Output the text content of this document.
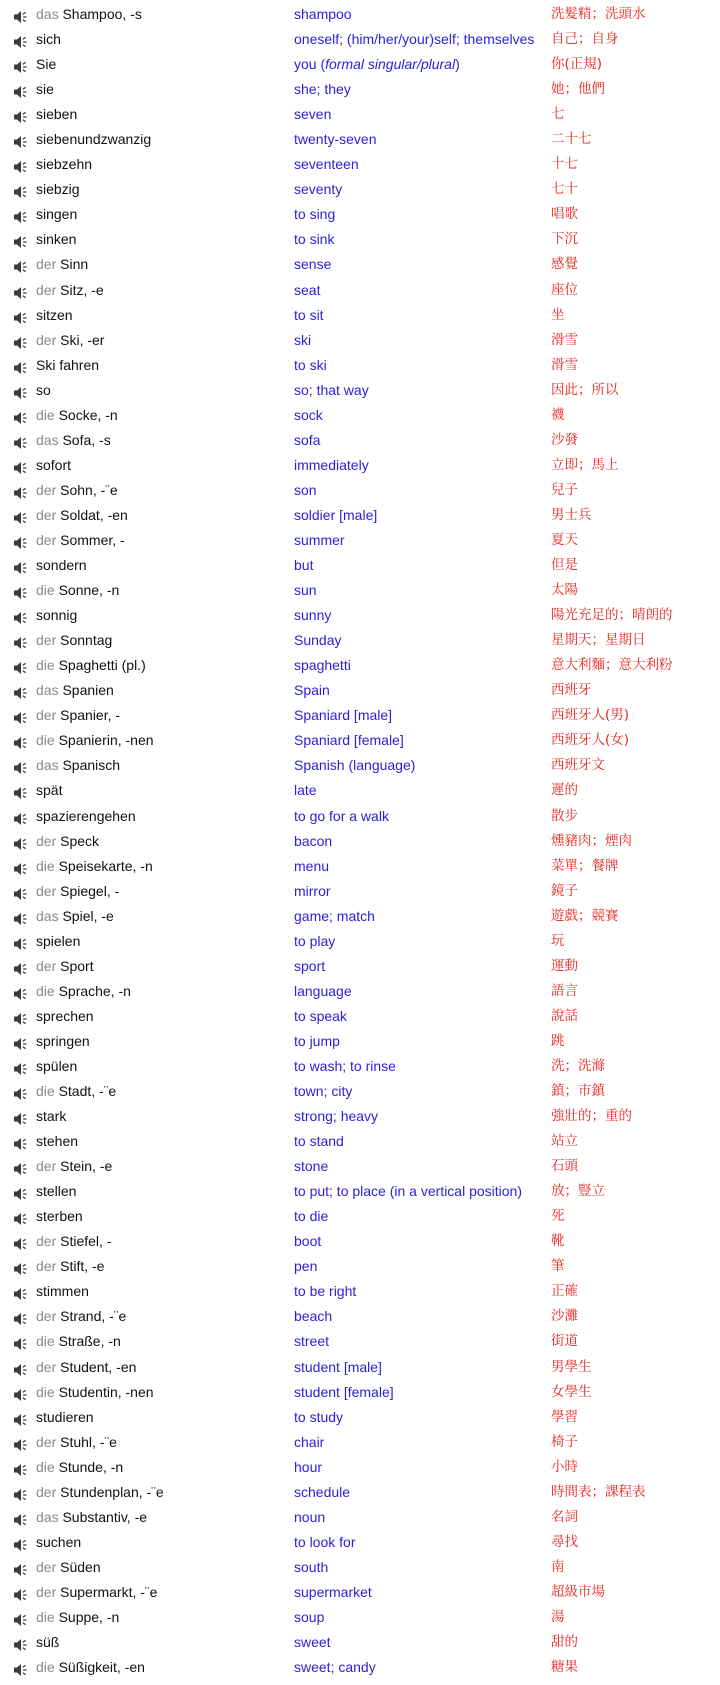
das Shampoo, -s	shampoo	洗髮精；洗頭水
sich	oneself; (him/her/your)self; themselves 自己；自身
Sie	you (formal singular/plural)	你(正規)
sie	she; they	她；他們
sieben	seven	七
siebenundzwanzig	twenty-seven	二十七
siebzehn	seventeen	十七
siebzig	seventy	七十
singen	to sing	唱歌
sinken	to sink	下沉
der Sinn	sense	感覺
der Sitz, -e	seat	座位
sitzen	to sit	坐
der Ski, -er	ski	滑雪
Ski fahren	to ski	滑雪
so	so; that way	因此；所以
die Socke, -n	sock	襪
das Sofa, -s	sofa	沙發
sofort	immediately	立即；馬上
der Sohn, -¨e	son	兒子
der Soldat, -en	soldier [male]	男士兵
der Sommer, -	summer	夏天
sondern	but	但是
die Sonne, -n	sun	太陽
sonnig	sunny	陽光充足的；晴朗的
der Sonntag	Sunday	星期天；星期日
die Spaghetti (pl.)	spaghetti	意大利麵；意大利粉
das Spanien	Spain	西班牙
der Spanier, -	Spaniard [male]	西班牙人(男)
die Spanierin, -nen	Spaniard [female]	西班牙人(女)
das Spanisch	Spanish (language)	西班牙文
spät	late	遲的
spazierengehen	to go for a walk	散步
der Speck	bacon	燻豬肉；煙肉
die Speisekarte, -n	menu	菜單；餐牌
der Spiegel, -	mirror	鏡子
das Spiel, -e	game; match	遊戲；競賽
spielen	to play	玩
der Sport	sport	運動
die Sprache, -n	language	語言
sprechen	to speak	說話
springen	to jump	跳
spülen	to wash; to rinse	洗；洗滌
die Stadt, -¨e	town; city	鎮；市鎮
stark	strong; heavy	強壯的；重的
stehen	to stand	站立
der Stein, -e	stone	石頭
stellen	to put; to place (in a vertical position) 放；豎立
sterben	to die	死
der Stiefel, -	boot	靴
der Stift, -e	pen	筆
stimmen	to be right	正確
der Strand, -¨e	beach	沙灘
die Straße, -n	street	街道
der Student, -en	student [male]	男學生
die Studentin, -nen	student [female]	女學生
studieren	to study	學習
der Stuhl, -¨e	chair	椅子
die Stunde, -n	hour	小時
der Stundenplan, -¨e	schedule	時間表；課程表
das Substantiv, -e	noun	名詞
suchen	to look for	尋找
der Süden	south	南
der Supermarkt, -¨e	supermarket	超級市場
die Suppe, -n	soup	湯
süß	sweet	甜的
die Süßigkeit, -en	sweet; candy	糖果
